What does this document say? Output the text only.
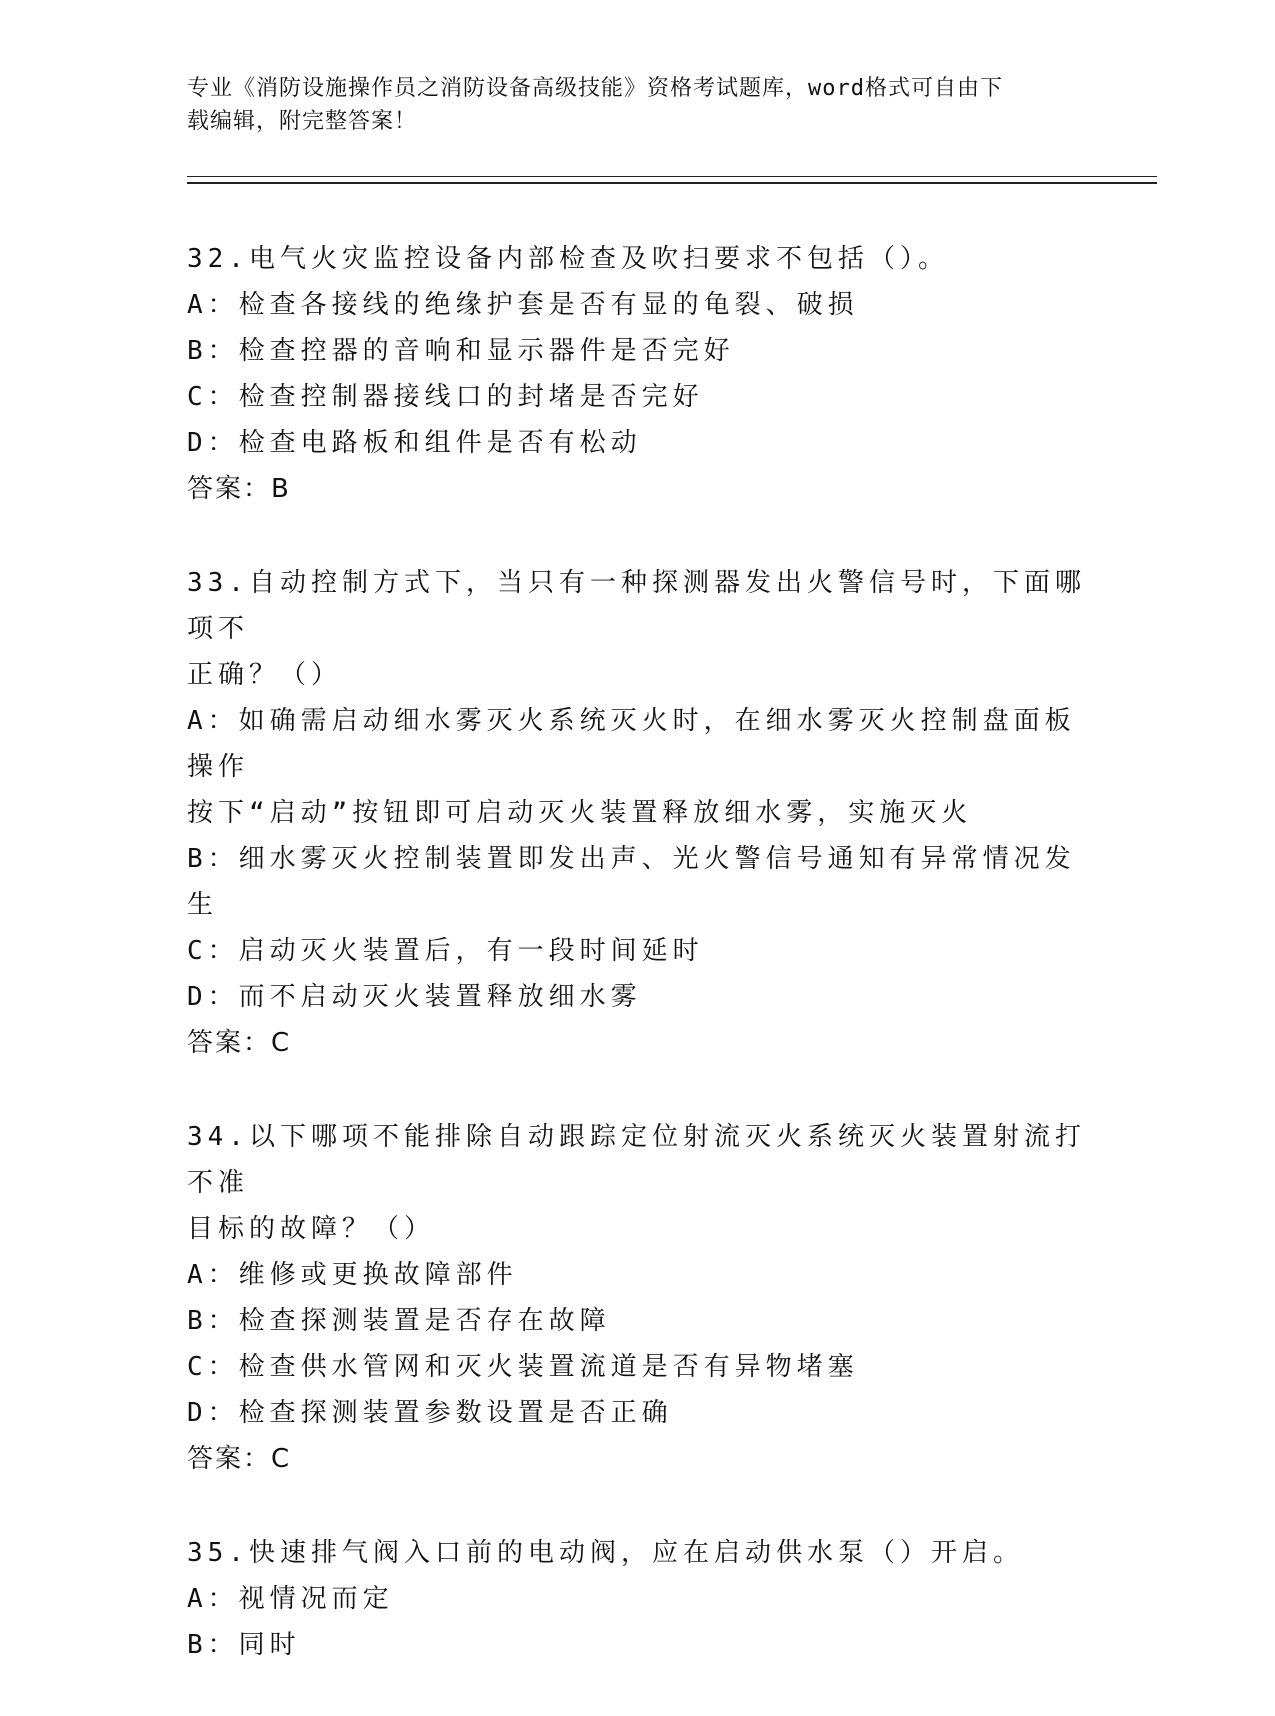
专业《消防设施操作员之消防设备高级技能》资格考试题库，word格式可自由下
载编辑，附完整答案！
32.电气火灾监控设备内部检查及吹扫要求不包括（）。
A：检查各接线的绝缘护套是否有显的龟裂、破损
B：检查控器的音响和显示器件是否完好
C：检查控制器接线口的封堵是否完好
D：检查电路板和组件是否有松动
答案：B
33.自动控制方式下，当只有一种探测器发出火警信号时，下面哪项不
正确？（）
A：如确需启动细水雾灭火系统灭火时，在细水雾灭火控制盘面板操作
按下“启动”按钮即可启动灭火装置释放细水雾，实施灭火
B：细水雾灭火控制装置即发出声、光火警信号通知有异常情况发生
C：启动灭火装置后，有一段时间延时
D：而不启动灭火装置释放细水雾
答案：C
34.以下哪项不能排除自动跟踪定位射流灭火系统灭火装置射流打不准
目标的故障？（）
A：维修或更换故障部件
B：检查探测装置是否存在故障
C：检查供水管网和灭火装置流道是否有异物堵塞
D：检查探测装置参数设置是否正确
答案：C
35.快速排气阀入口前的电动阀，应在启动供水泵（）开启。
A：视情况而定
B：同时
